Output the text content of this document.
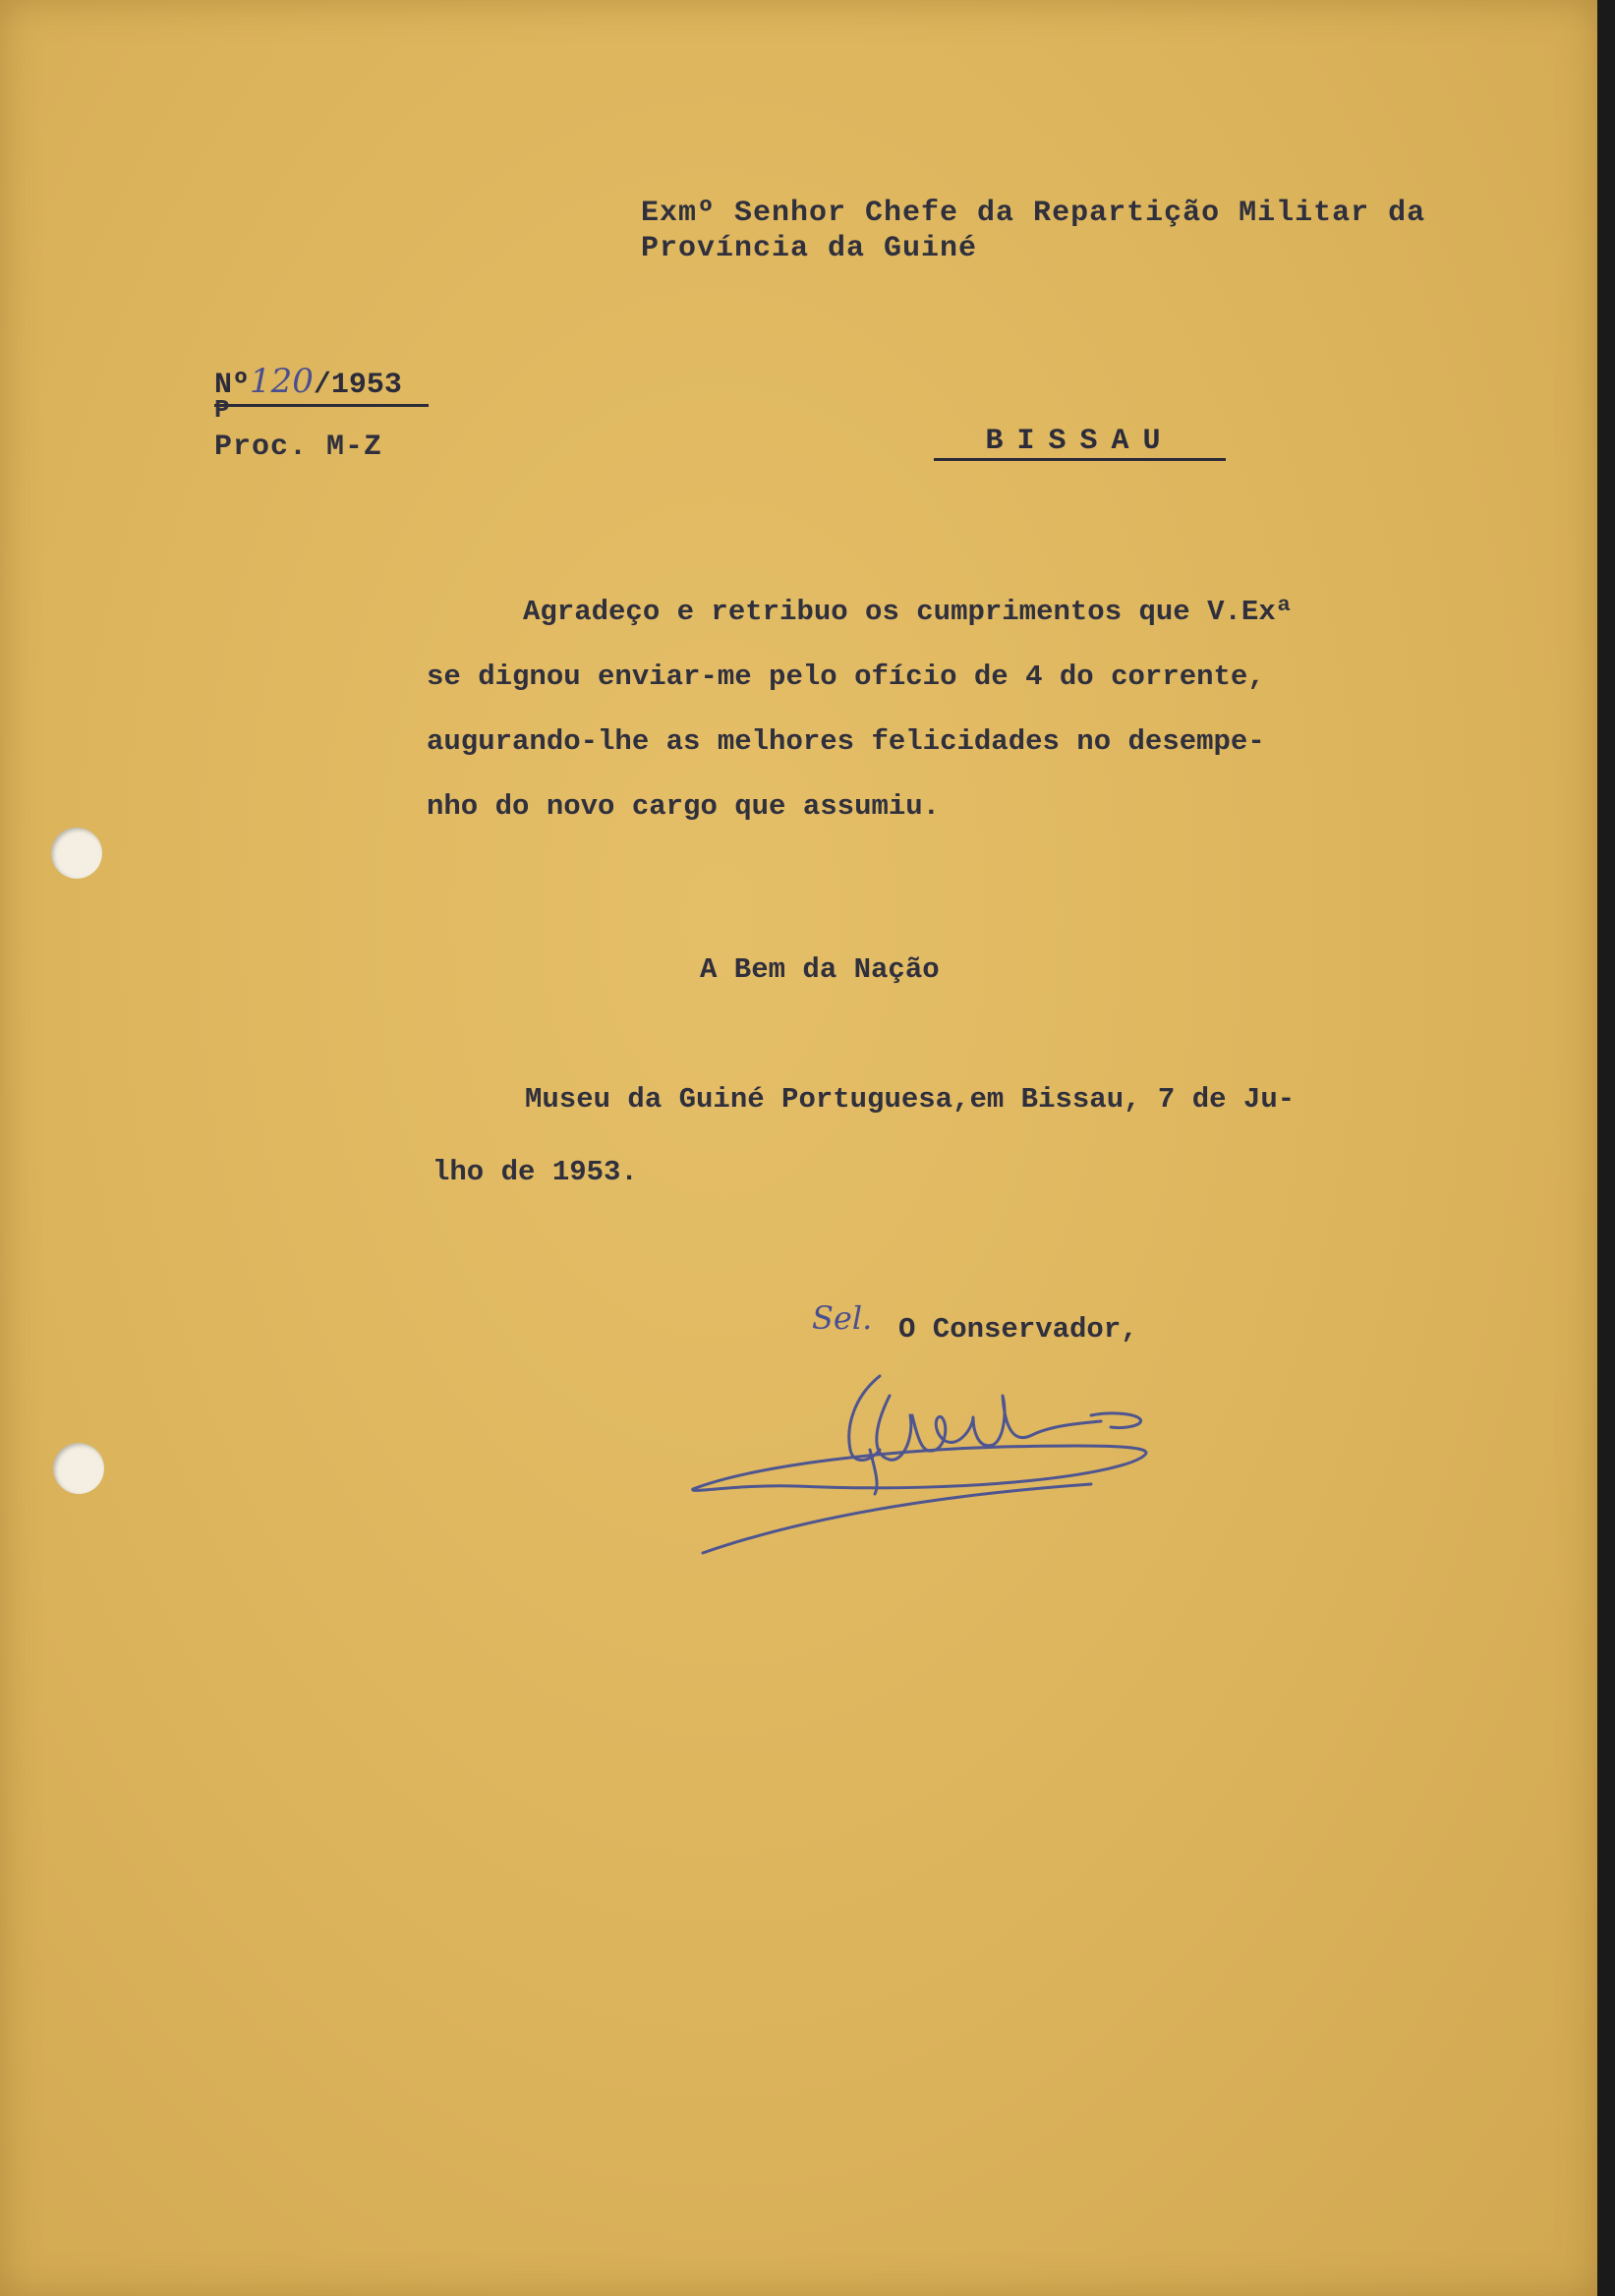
Exmº Senhor Chefe da Repartição Militar da

Província da Guiné

Nº120/1953

P

Proc. M-Z	BISSAU

Agradeço e retribuo os cumprimentos que V.Exª

se dignou enviar-me pelo ofício de 4 do corrente,

augurando-lhe as melhores felicidades no desempe-

nho do novo cargo que assumiu.

A Bem da Nação

Museu da Guiné Portuguesa,em Bissau, 7 de Ju-

lho de 1953.

Sel. O Conservador,
